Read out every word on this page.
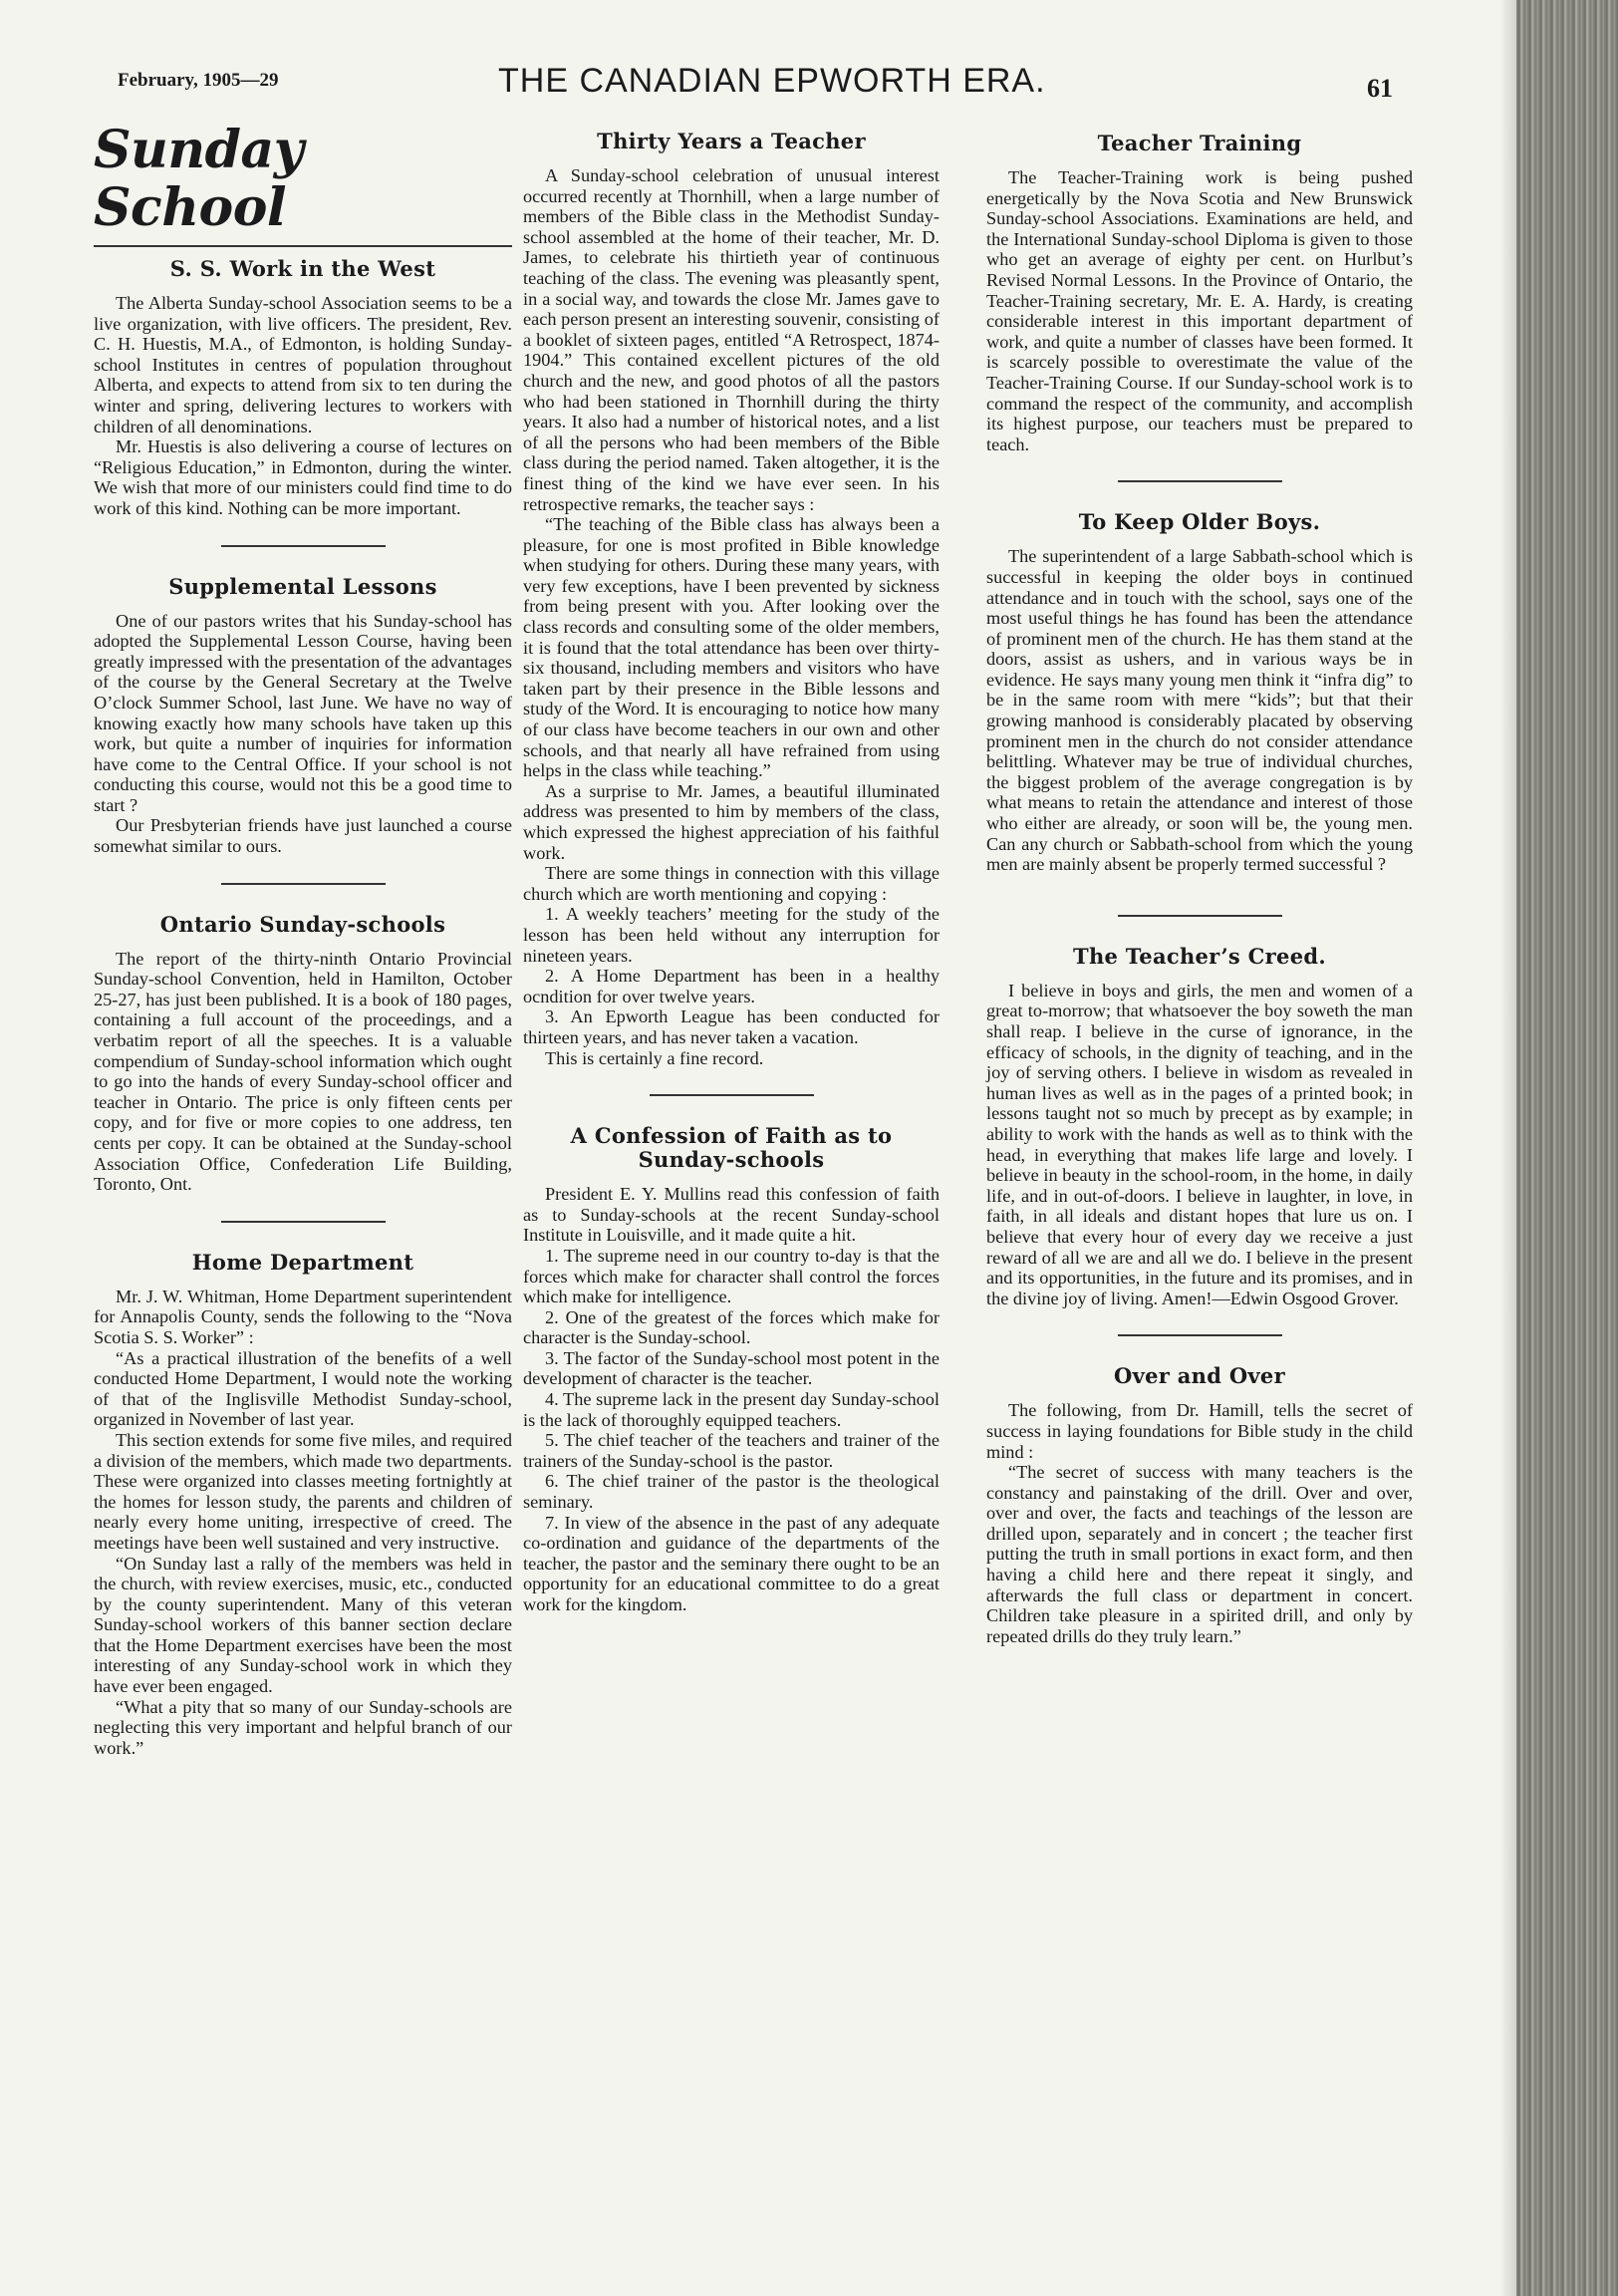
February, 1905—29	THE CANADIAN EPWORTH ERA.	61
Sunday School
S. S. Work in the West

The Alberta Sunday-school Association seems to be a live organization, with live officers. The president, Rev. C. H. Huestis, M.A., of Edmonton, is holding Sunday-school Institutes in centres of population throughout Alberta, and expects to attend from six to ten during the winter and spring, delivering lectures to workers with children of all denominations.

Mr. Huestis is also delivering a course of lectures on “Religious Education,” in Edmonton, during the winter. We wish that more of our ministers could find time to do work of this kind. Nothing can be more important.

Supplemental Lessons

One of our pastors writes that his Sunday-school has adopted the Supplemental Lesson Course, having been greatly impressed with the presentation of the advantages of the course by the General Secretary at the Twelve O’clock Summer School, last June. We have no way of knowing exactly how many schools have taken up this work, but quite a number of inquiries for information have come to the Central Office. If your school is not conducting this course, would not this be a good time to start ?

Our Presbyterian friends have just launched a course somewhat similar to ours.

Ontario Sunday-schools

The report of the thirty-ninth Ontario Provincial Sunday-school Convention, held in Hamilton, October 25-27, has just been published. It is a book of 180 pages, containing a full account of the proceedings, and a verbatim report of all the speeches. It is a valuable compendium of Sunday-school information which ought to go into the hands of every Sunday-school officer and teacher in Ontario. The price is only fifteen cents per copy, and for five or more copies to one address, ten cents per copy. It can be obtained at the Sunday-school Association Office, Confederation Life Building, Toronto, Ont.

Home Department

Mr. J. W. Whitman, Home Department superintendent for Annapolis County, sends the following to the “Nova Scotia S. S. Worker” :

“As a practical illustration of the benefits of a well conducted Home Department, I would note the working of that of the Inglisville Methodist Sunday-school, organized in November of last year.

This section extends for some five miles, and required a division of the members, which made two departments. These were organized into classes meeting fortnightly at the homes for lesson study, the parents and children of nearly every home uniting, irrespective of creed. The meetings have been well sustained and very instructive.

“On Sunday last a rally of the members was held in the church, with review exercises, music, etc., conducted by the county superintendent. Many of this veteran Sunday-school workers of this banner section declare that the Home Department exercises have been the most interesting of any Sunday-school work in which they have ever been engaged.

“What a pity that so many of our Sunday-schools are neglecting this very important and helpful branch of our work.”

Thirty Years a Teacher

A Sunday-school celebration of unusual interest occurred recently at Thornhill, when a large number of members of the Bible class in the Methodist Sunday-school assembled at the home of their teacher, Mr. D. James, to celebrate his thirtieth year of continuous teaching of the class. The evening was pleasantly spent, in a social way, and towards the close Mr. James gave to each person present an interesting souvenir, consisting of a booklet of sixteen pages, entitled “A Retrospect, 1874-1904.” This contained excellent pictures of the old church and the new, and good photos of all the pastors who had been stationed in Thornhill during the thirty years. It also had a number of historical notes, and a list of all the persons who had been members of the Bible class during the period named. Taken altogether, it is the finest thing of the kind we have ever seen. In his retrospective remarks, the teacher says :

“The teaching of the Bible class has always been a pleasure, for one is most profited in Bible knowledge when studying for others. During these many years, with very few exceptions, have I been prevented by sickness from being present with you. After looking over the class records and consulting some of the older members, it is found that the total attendance has been over thirty-six thousand, including members and visitors who have taken part by their presence in the Bible lessons and study of the Word. It is encouraging to notice how many of our class have become teachers in our own and other schools, and that nearly all have refrained from using helps in the class while teaching.”

As a surprise to Mr. James, a beautiful illuminated address was presented to him by members of the class, which expressed the highest appreciation of his faithful work.

There are some things in connection with this village church which are worth mentioning and copying :

1. A weekly teachers’ meeting for the study of the lesson has been held without any interruption for nineteen years.

2. A Home Department has been in a healthy ocndition for over twelve years.

3. An Epworth League has been conducted for thirteen years, and has never taken a vacation.

This is certainly a fine record.

A Confession of Faith as to Sunday-schools

President E. Y. Mullins read this confession of faith as to Sunday-schools at the recent Sunday-school Institute in Louisville, and it made quite a hit.

1. The supreme need in our country to-day is that the forces which make for character shall control the forces which make for intelligence.

2. One of the greatest of the forces which make for character is the Sunday-school.

3. The factor of the Sunday-school most potent in the development of character is the teacher.

4. The supreme lack in the present day Sunday-school is the lack of thoroughly equipped teachers.

5. The chief teacher of the teachers and trainer of the trainers of the Sunday-school is the pastor.

6. The chief trainer of the pastor is the theological seminary.

7. In view of the absence in the past of any adequate co-ordination and guidance of the departments of the teacher, the pastor and the seminary there ought to be an opportunity for an educational committee to do a great work for the kingdom.

Teacher Training

The Teacher-Training work is being pushed energetically by the Nova Scotia and New Brunswick Sunday-school Associations. Examinations are held, and the International Sunday-school Diploma is given to those who get an average of eighty per cent. on Hurlbut’s Revised Normal Lessons. In the Province of Ontario, the Teacher-Training secretary, Mr. E. A. Hardy, is creating considerable interest in this important department of work, and quite a number of classes have been formed. It is scarcely possible to overestimate the value of the Teacher-Training Course. If our Sunday-school work is to command the respect of the community, and accomplish its highest purpose, our teachers must be prepared to teach.

To Keep Older Boys.

The superintendent of a large Sabbath-school which is successful in keeping the older boys in continued attendance and in touch with the school, says one of the most useful things he has found has been the attendance of prominent men of the church. He has them stand at the doors, assist as ushers, and in various ways be in evidence. He says many young men think it “infra dig” to be in the same room with mere “kids”; but that their growing manhood is considerably placated by observing prominent men in the church do not consider attendance belittling. Whatever may be true of individual churches, the biggest problem of the average congregation is by what means to retain the attendance and interest of those who either are already, or soon will be, the young men. Can any church or Sabbath-school from which the young men are mainly absent be properly termed successful ?

The Teacher’s Creed.

I believe in boys and girls, the men and women of a great to-morrow; that whatsoever the boy soweth the man shall reap. I believe in the curse of ignorance, in the efficacy of schools, in the dignity of teaching, and in the joy of serving others. I believe in wisdom as revealed in human lives as well as in the pages of a printed book; in lessons taught not so much by precept as by example; in ability to work with the hands as well as to think with the head, in everything that makes life large and lovely. I believe in beauty in the school-room, in the home, in daily life, and in out-of-doors. I believe in laughter, in love, in faith, in all ideals and distant hopes that lure us on. I believe that every hour of every day we receive a just reward of all we are and all we do. I believe in the present and its opportunities, in the future and its promises, and in the divine joy of living. Amen!—Edwin Osgood Grover.

Over and Over

The following, from Dr. Hamill, tells the secret of success in laying foundations for Bible study in the child mind :

“The secret of success with many teachers is the constancy and painstaking of the drill. Over and over, over and over, the facts and teachings of the lesson are drilled upon, separately and in concert ; the teacher first putting the truth in small portions in exact form, and then having a child here and there repeat it singly, and afterwards the full class or department in concert. Children take pleasure in a spirited drill, and only by repeated drills do they truly learn.”
